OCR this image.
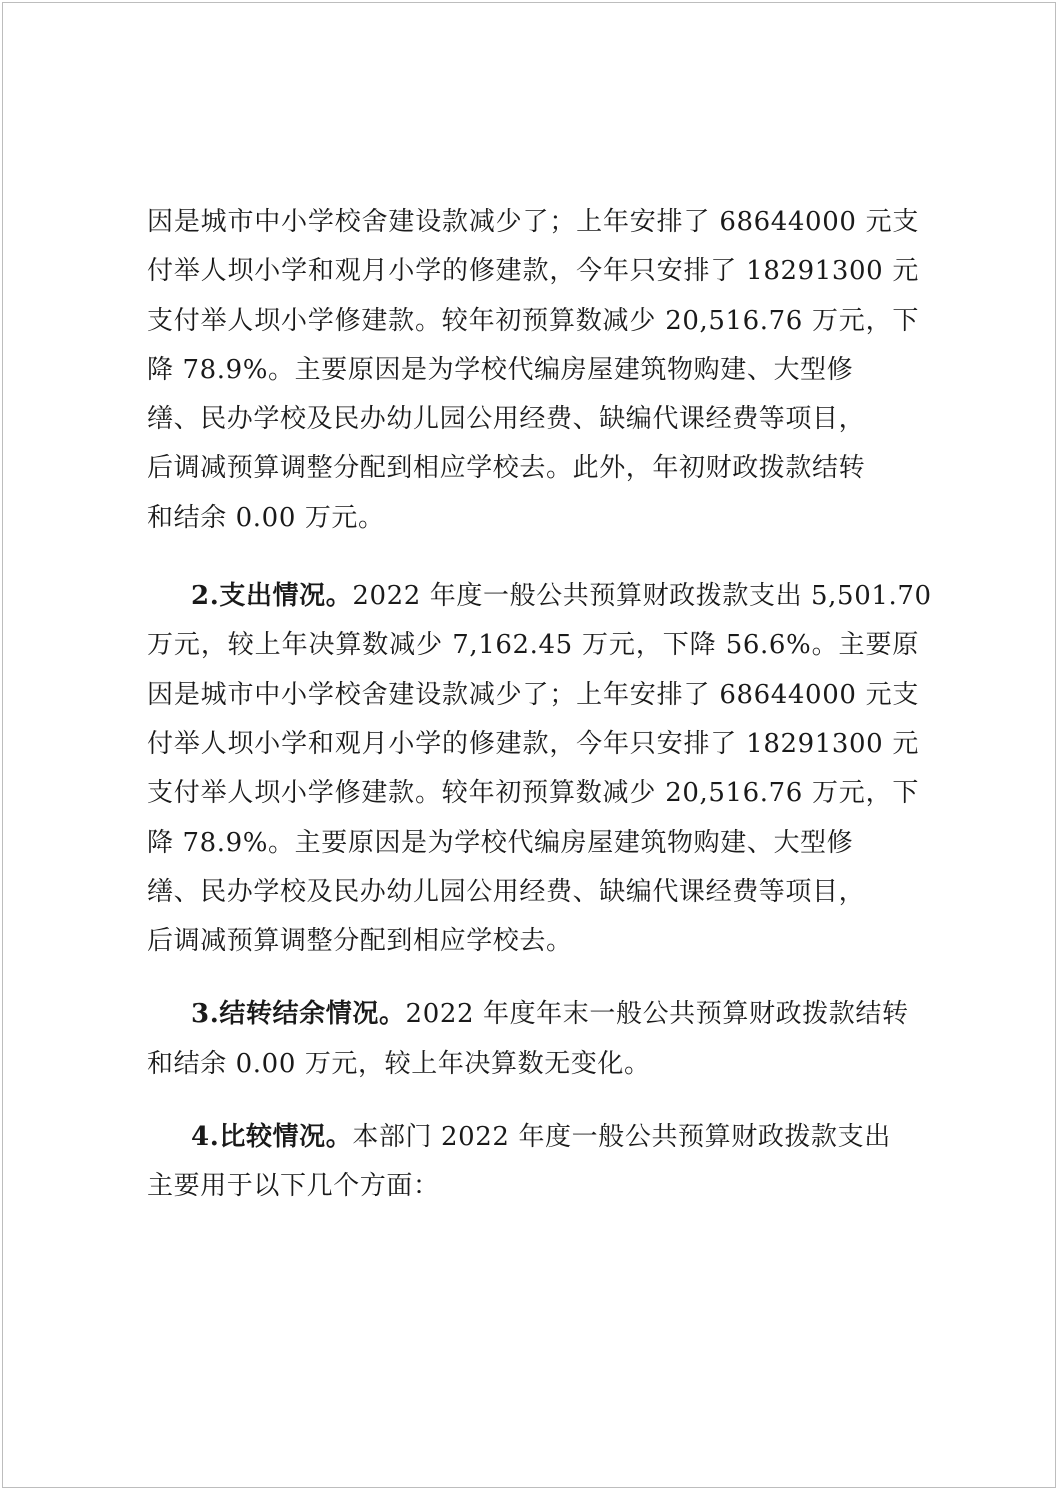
因是城市中小学校舍建设款减少了；上年安排了 68644000 元支
付举人坝小学和观月小学的修建款，今年只安排了 18291300 元
支付举人坝小学修建款。较年初预算数减少 20,516.76 万元，下
降 78.9%。主要原因是为学校代编房屋建筑物购建、大型修
缮、民办学校及民办幼儿园公用经费、缺编代课经费等项目，
后调减预算调整分配到相应学校去。此外，年初财政拨款结转
和结余 0.00 万元。
2.支出情况。2022 年度一般公共预算财政拨款支出 5,501.70
万元，较上年决算数减少 7,162.45 万元，下降 56.6%。主要原
因是城市中小学校舍建设款减少了；上年安排了 68644000 元支
付举人坝小学和观月小学的修建款，今年只安排了 18291300 元
支付举人坝小学修建款。较年初预算数减少 20,516.76 万元，下
降 78.9%。主要原因是为学校代编房屋建筑物购建、大型修
缮、民办学校及民办幼儿园公用经费、缺编代课经费等项目，
后调减预算调整分配到相应学校去。
3.结转结余情况。2022 年度年末一般公共预算财政拨款结转
和结余 0.00 万元，较上年决算数无变化。
4.比较情况。本部门 2022 年度一般公共预算财政拨款支出
主要用于以下几个方面：
